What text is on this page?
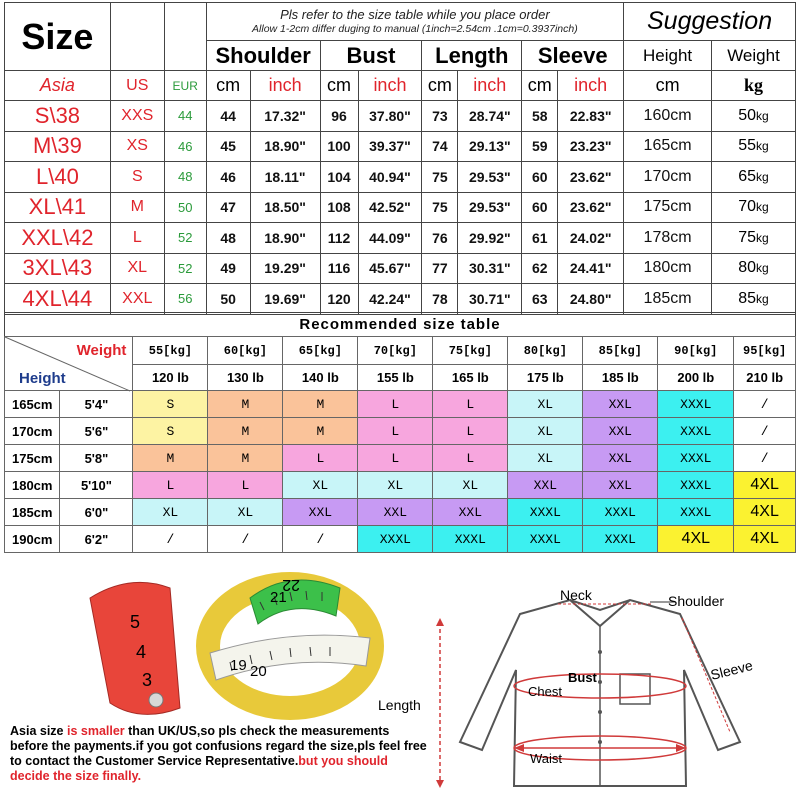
Size			Pls refer to the size table while you place order
Allow 1-2cm differ duging to manual (1inch=2.54cm .1cm=0.3937inch)								Suggestion	
			Shoulder		Bust		Length		Sleeve		Height	Weight
Asia	US	EUR	cm	inch	cm	inch	cm	inch	cm	inch	cm	kg
S\38	XXS	44	44	17.32"	96	37.80"	73	28.74"	58	22.83"	160cm	50kg
M\39	XS	46	45	18.90"	100	39.37"	74	29.13"	59	23.23"	165cm	55kg
L\40	S	48	46	18.11"	104	40.94"	75	29.53"	60	23.62"	170cm	65kg
XL\41	M	50	47	18.50"	108	42.52"	75	29.53"	60	23.62"	175cm	70kg
XXL\42	L	52	48	18.90"	112	44.09"	76	29.92"	61	24.02"	178cm	75kg
3XL\43	XL	52	49	19.29"	116	45.67"	77	30.31"	62	24.41"	180cm	80kg
4XL\44	XXL	56	50	19.69"	120	42.24"	78	30.71"	63	24.80"	185cm	85kg
Recommended size table
Weight
Height		55[kg]	60[kg]	65[kg]	70[kg]	75[kg]	80[kg]	85[kg]	90[kg]	95[kg]
		120 lb	130 lb	140 lb	155 lb	165 lb	175 lb	185 lb	200 lb	210 lb
165cm	5'4"	S	M	M	L	L	XL	XXL	XXXL	/
170cm	5'6"	S	M	M	L	L	XL	XXL	XXXL	/
175cm	5'8"	M	M	L	L	L	XL	XXL	XXXL	/
180cm	5'10"	L	L	XL	XL	XL	XXL	XXL	XXXL	4XL
185cm	6'0"	XL	XL	XXL	XXL	XXL	XXXL	XXXL	XXXL	4XL
190cm	6'2"	/	/	/	XXXL	XXXL	XXXL	XXXL	4XL	4XL
22
21
20
19
5
4
3
Asia size is smaller than UK/US,so pls check the measurements before the payments.if you got confusions regard the size,pls feel free to contact the Customer Service Representative.but you should decide the size finally.
Neck	Shoulder
Sleeve
Length
Chest
Bust
Waist
